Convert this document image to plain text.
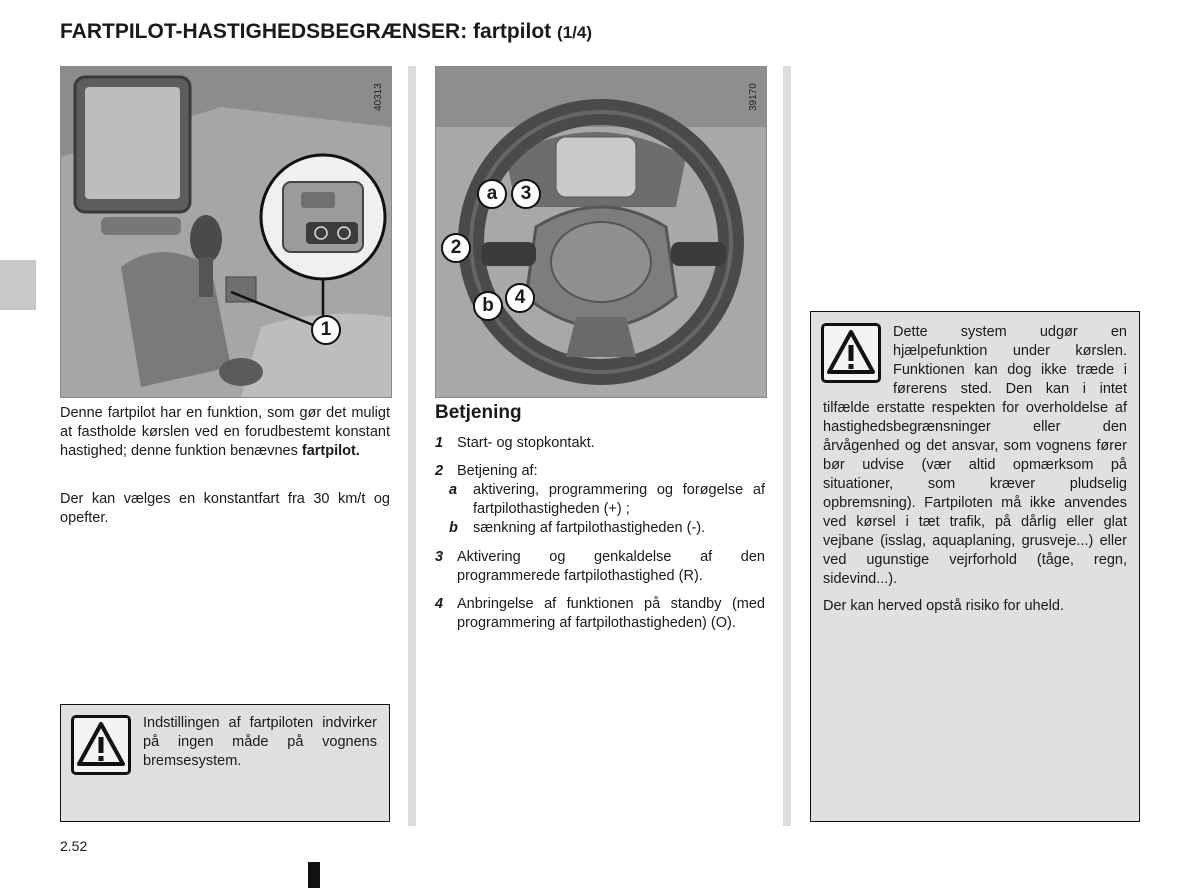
FARTPILOT-HASTIGHEDSBEGRÆNSER: fartpilot (1/4)
1
40313
a	3
2
b	4
39170
Denne fartpilot har en funktion, som gør det muligt at fastholde kørslen ved en forudbestemt konstant hastighed; denne funktion benævnes fartpilot.
Der kan vælges en konstantfart fra 30 km/t og opefter.
Indstillingen af fartpiloten indvirker på ingen måde på vognens bremsesystem.
Betjening
1 Start- og stopkontakt.
2 Betjening af:
a aktivering, programmering og forøgelse af fartpilothastigheden (+) ;
b sænkning af fartpilothastigheden (-).
3 Aktivering og genkaldelse af den programmerede fartpilothastighed (R).
4 Anbringelse af funktionen på standby (med programmering af fartpilothastigheden) (O).
Dette system udgør en hjælpefunktion under kørslen. Funktionen kan dog ikke træde i førerens sted. Den kan i intet tilfælde erstatte respekten for overholdelse af hastighedsbegrænsninger eller den årvågenhed og det ansvar, som vognens fører bør udvise (vær altid opmærksom på situationer, som kræver pludselig opbremsning). Fartpiloten må ikke anvendes ved kørsel i tæt trafik, på dårlig eller glat vejbane (isslag, aquaplaning, grusveje...) eller ved ugunstige vejrforhold (tåge, regn, sidevind...).
Der kan herved opstå risiko for uheld.
2.52
